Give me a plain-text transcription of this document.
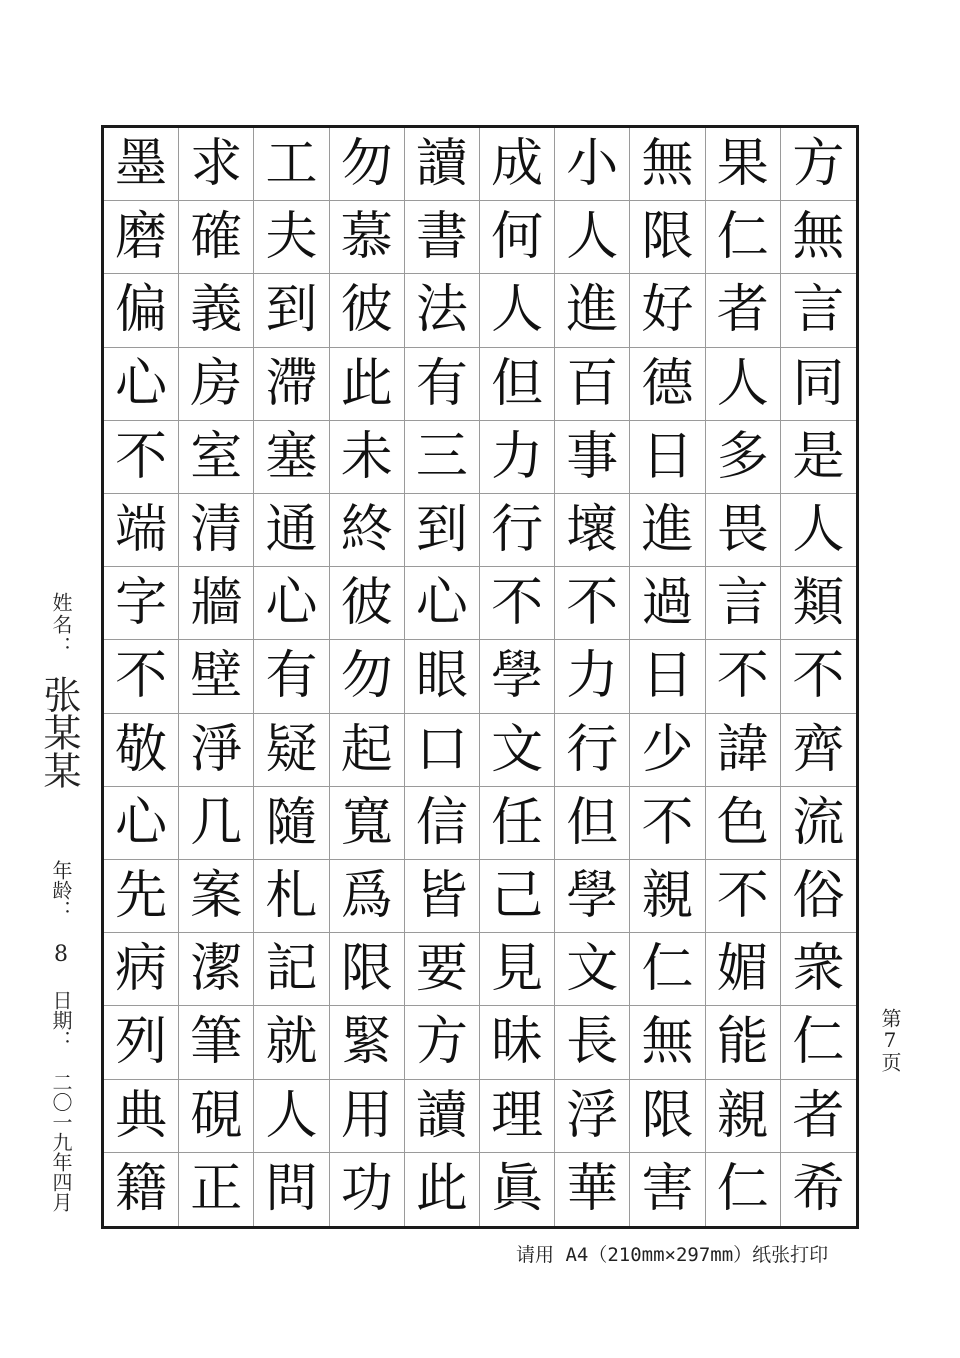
墨 求 工 勿 讀 成 小 無 果 方
磨 確 夫 慕 書 何 人 限 仁 無
偏 義 到 彼 法 人 進 好 者 言
心 房 滯 此 有 但 百 德 人 同
不 室 塞 未 三 力 事 日 多 是
端 清 通 終 到 行 壞 進 畏 人
字 牆 心 彼 心 不 不 過 言 類
不 壁 有 勿 眼 學 力 日 不 不
敬 淨 疑 起 口 文 行 少 諱 齊
心 几 隨 寬 信 任 但 不 色 流
先 案 札 爲 皆 己 學 親 不 俗
病 潔 記 限 要 見 文 仁 媚 衆
列 筆 就 緊 方 昧 長 無 能 仁
典 硯 人 用 讀 理 浮 限 親 者
籍 正 問 功 此 眞 華 害 仁 希
姓名：
张某某
年龄：
8
日期：
二〇一九年四月
第7页
请用 A4（210mm×297mm）纸张打印
